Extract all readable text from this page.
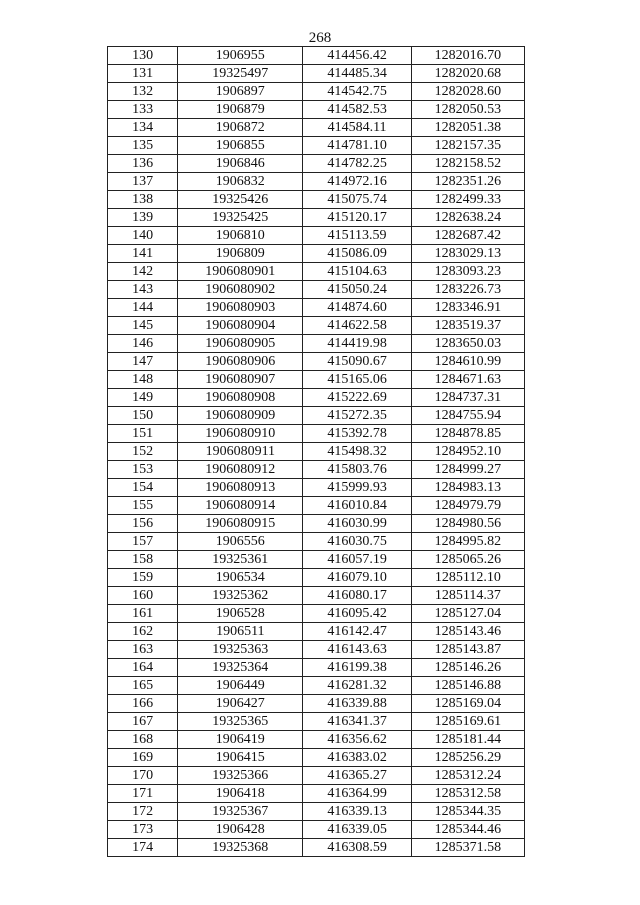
268
130	1906955	414456.42	1282016.70
131	19325497	414485.34	1282020.68
132	1906897	414542.75	1282028.60
133	1906879	414582.53	1282050.53
134	1906872	414584.11	1282051.38
135	1906855	414781.10	1282157.35
136	1906846	414782.25	1282158.52
137	1906832	414972.16	1282351.26
138	19325426	415075.74	1282499.33
139	19325425	415120.17	1282638.24
140	1906810	415113.59	1282687.42
141	1906809	415086.09	1283029.13
142	1906080901	415104.63	1283093.23
143	1906080902	415050.24	1283226.73
144	1906080903	414874.60	1283346.91
145	1906080904	414622.58	1283519.37
146	1906080905	414419.98	1283650.03
147	1906080906	415090.67	1284610.99
148	1906080907	415165.06	1284671.63
149	1906080908	415222.69	1284737.31
150	1906080909	415272.35	1284755.94
151	1906080910	415392.78	1284878.85
152	1906080911	415498.32	1284952.10
153	1906080912	415803.76	1284999.27
154	1906080913	415999.93	1284983.13
155	1906080914	416010.84	1284979.79
156	1906080915	416030.99	1284980.56
157	1906556	416030.75	1284995.82
158	19325361	416057.19	1285065.26
159	1906534	416079.10	1285112.10
160	19325362	416080.17	1285114.37
161	1906528	416095.42	1285127.04
162	1906511	416142.47	1285143.46
163	19325363	416143.63	1285143.87
164	19325364	416199.38	1285146.26
165	1906449	416281.32	1285146.88
166	1906427	416339.88	1285169.04
167	19325365	416341.37	1285169.61
168	1906419	416356.62	1285181.44
169	1906415	416383.02	1285256.29
170	19325366	416365.27	1285312.24
171	1906418	416364.99	1285312.58
172	19325367	416339.13	1285344.35
173	1906428	416339.05	1285344.46
174	19325368	416308.59	1285371.58
